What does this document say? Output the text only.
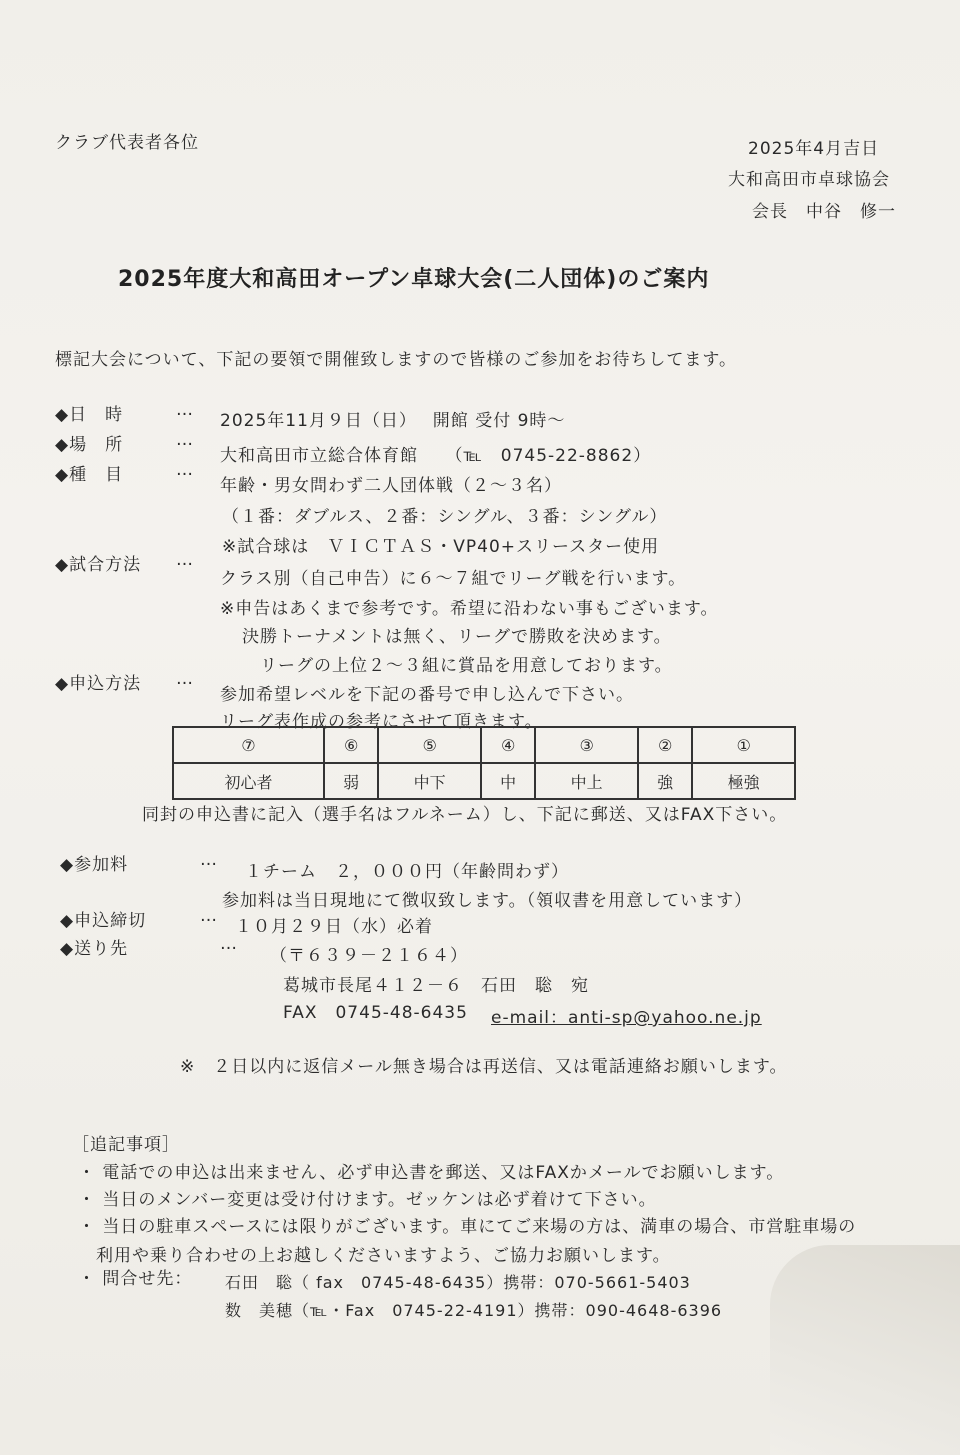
クラブ代表者各位	2025年4月吉日
大和高田市卓球協会
会長　中谷　修一
2025年度大和高田オープン卓球大会(二人団体)のご案内
標記大会について、下記の要領で開催致しますので皆様のご参加をお待ちしてます。
◆日　時	…
2025年11月９日（日）　 開館 受付 9時～
◆場　所	…
大和高田市立総合体育館　　（℡　0745-22-8862）
◆種　目	…
年齢・男女問わず二人団体戦（２～３名）
（１番：ダブルス、２番：シングル、３番：シングル）
※試合球は　ＶＩＣＴＡＳ・VP40+スリースター使用
◆試合方法 …
クラス別（自己申告）に６～７組でリーグ戦を行います。
※申告はあくまで参考です。希望に沿わない事もございます。
決勝トーナメントは無く、リーグで勝敗を決めます。
リーグの上位２～３組に賞品を用意しております。
◆申込方法 …
参加希望レベルを下記の番号で申し込んで下さい。
リーグ表作成の参考にさせて頂きます。
⑦	⑥	⑤	④	③	②	①
初心者	弱	中下	中	中上	強	極強
同封の申込書に記入（選手名はフルネーム）し、下記に郵送、又はFAX下さい。
◆参加料	…
１チーム　２，０００円（年齢問わず）
参加料は当日現地にて徴収致します。（領収書を用意しています）
◆申込締切	…
１０月２９日（水）必着
◆送り先	…
（〒６３９－２１６４）
葛城市長尾４１２－６　石田　聡　宛
FAX　0745-48-6435 e-mail：anti-sp@yahoo.ne.jp
※　２日以内に返信メール無き場合は再送信、又は電話連絡お願いします。
［追記事項］
・ 電話での申込は出来ません、必ず申込書を郵送、又はFAXかメールでお願いします。
・ 当日のメンバー変更は受け付けます。ゼッケンは必ず着けて下さい。
・ 当日の駐車スペースには限りがございます。車にてご来場の方は、満車の場合、市営駐車場の
利用や乗り合わせの上お越しくださいますよう、ご協力お願いします。
・ 問合せ先： 石田　聡（ fax　0745-48-6435）携帯：070-5661-5403
数　美穂（℡・Fax　0745-22-4191）携帯：090-4648-6396
